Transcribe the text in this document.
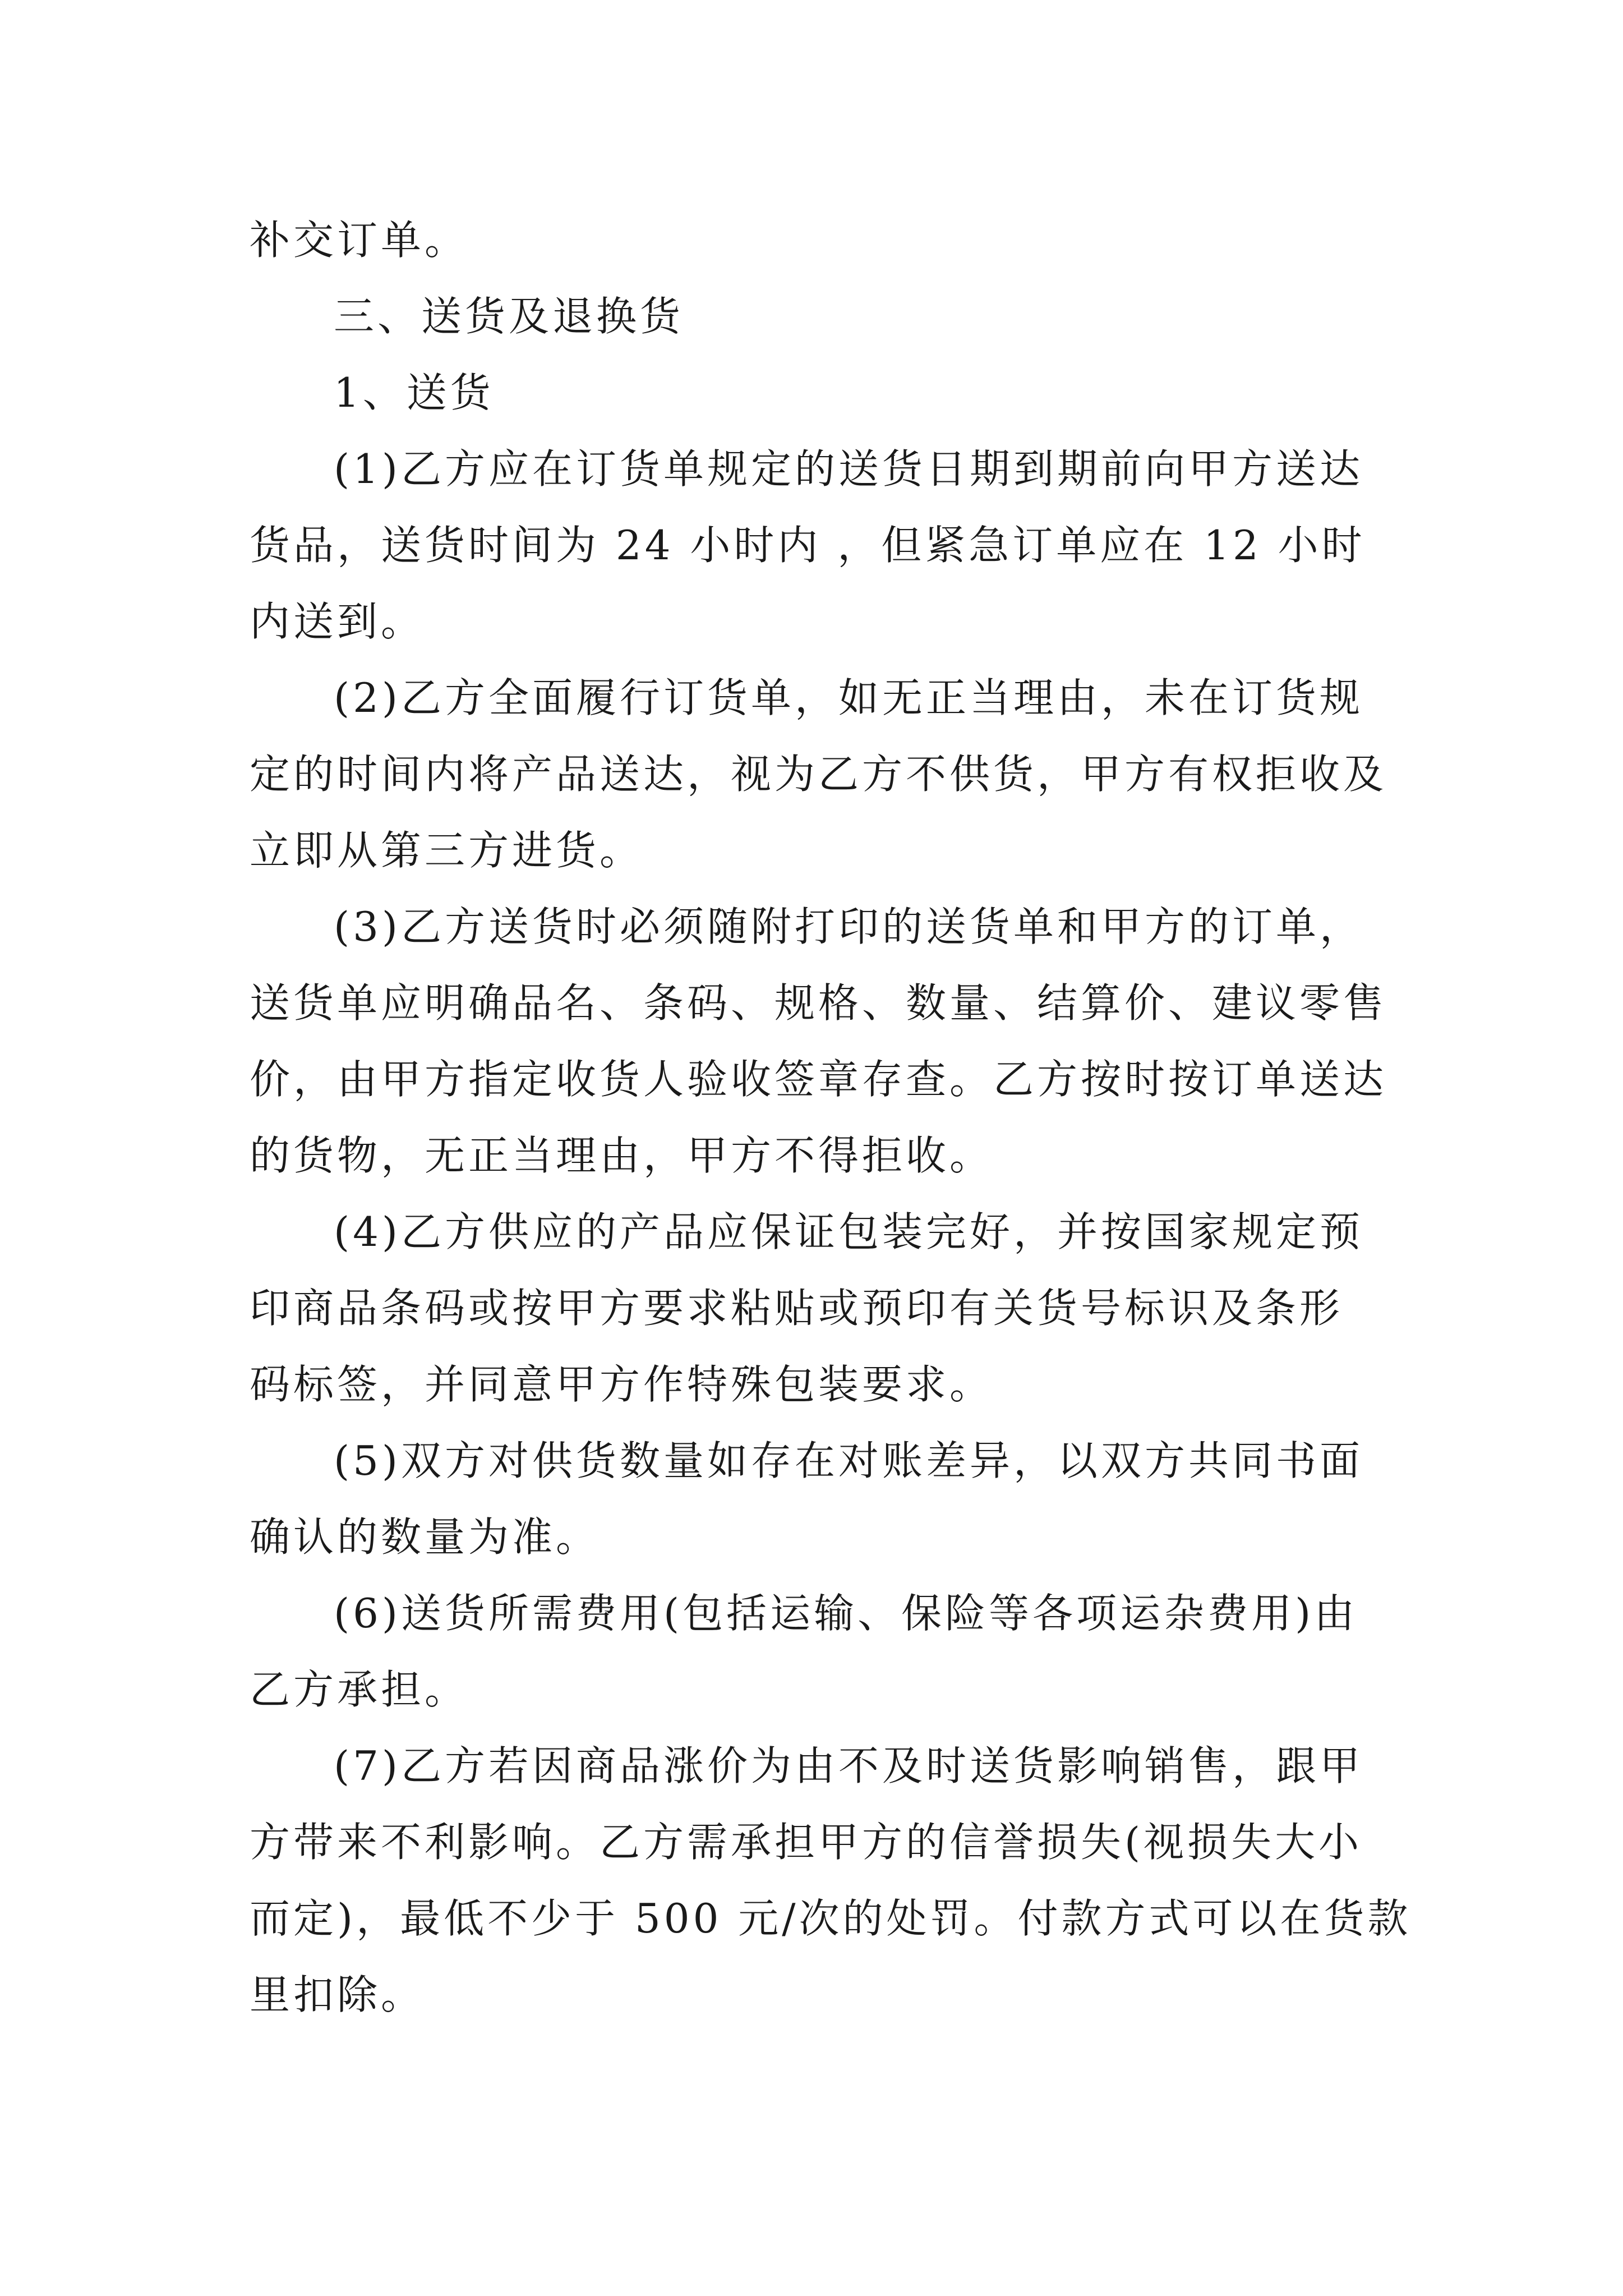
补交订单。
三、送货及退换货
1、送货
(1)乙方应在订货单规定的送货日期到期前向甲方送达
货品，送货时间为 24 小时内 ，但紧急订单应在 12 小时
内送到。
(2)乙方全面履行订货单，如无正当理由，未在订货规
定的时间内将产品送达，视为乙方不供货，甲方有权拒收及
立即从第三方进货。
(3)乙方送货时必须随附打印的送货单和甲方的订单，
送货单应明确品名、条码、规格、数量、结算价、建议零售
价，由甲方指定收货人验收签章存查。乙方按时按订单送达
的货物，无正当理由，甲方不得拒收。
(4)乙方供应的产品应保证包装完好，并按国家规定预
印商品条码或按甲方要求粘贴或预印有关货号标识及条形
码标签，并同意甲方作特殊包装要求。
(5)双方对供货数量如存在对账差异，以双方共同书面
确认的数量为准。
(6)送货所需费用(包括运输、保险等各项运杂费用)由
乙方承担。
(7)乙方若因商品涨价为由不及时送货影响销售，跟甲
方带来不利影响。乙方需承担甲方的信誉损失(视损失大小
而定)，最低不少于 500 元/次的处罚。付款方式可以在货款
里扣除。
